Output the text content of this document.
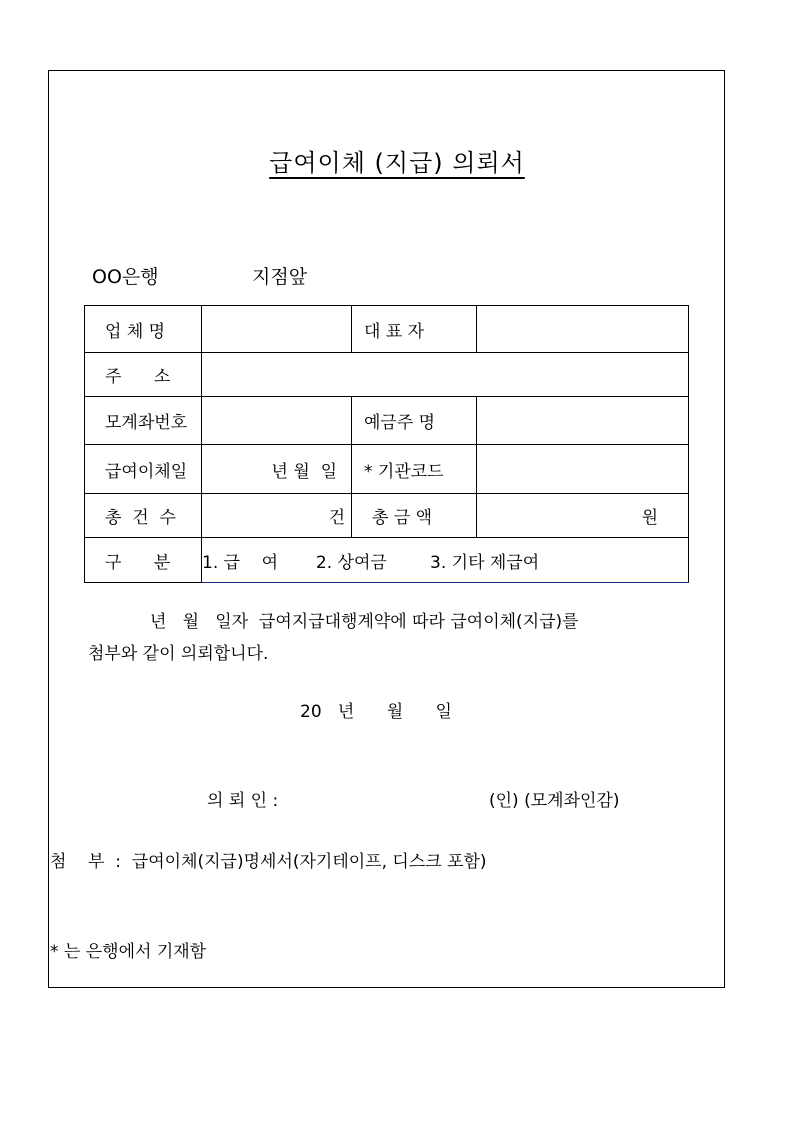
급여이체 (지급) 의뢰서
OO은행	지점앞
업 체 명		대 표 자	
주      소			
모계좌번호		예금주 명	
급여이체일	년 월  일	* 기관코드	
총  건  수	건	총 금 액	원
구      분	1. 급    여       2. 상여금        3. 기타 제급여		
년   월   일자  급여지급대행계약에 따라 급여이체(지급)를
첨부와 같이 의뢰합니다.
20   년      월      일
의 뢰 인 :	(인) (모계좌인감)
첨    부  :  급여이체(지급)명세서(자기테이프, 디스크 포함)
* 는 은행에서 기재함
